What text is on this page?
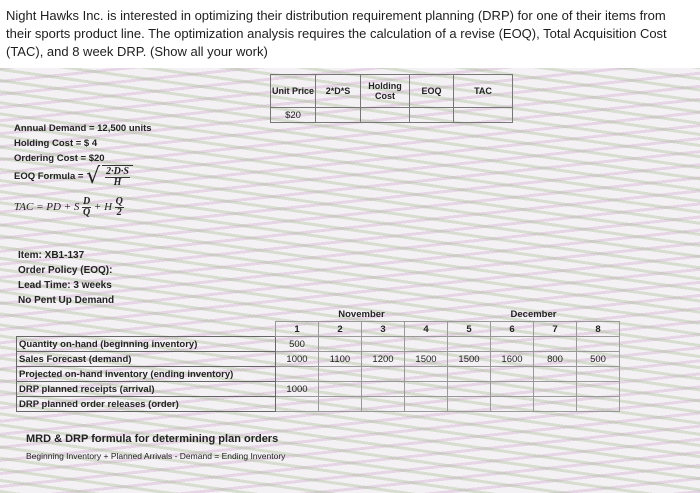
Night Hawks Inc. is interested in optimizing their distribution requirement planning (DRP) for one of their items from their sports product line. The optimization analysis requires the calculation of a revise (EOQ), Total Acquisition Cost (TAC), and 8 week DRP. (Show all your work)

Unit Price	2*D*S	Holding Cost	EOQ	TAC
$20				
Annual Demand = 12,500 units
Holding Cost = $ 4
Ordering Cost = $20
EOQ Formula = √ $\frac{2\cdot D\cdot S}{H}$
TAC = PD + S $\frac{D}{Q} + H \frac{Q}{2}$
Item: XB1-137
Order Policy (EOQ):
Lead Time: 3 weeks
No Pent Up Demand
		November				December		
	1	2	3	4	5	6	7	8
Quantity on-hand (beginning inventory)	500							
Sales Forecast (demand)	1000	1100	1200	1500	1500	1600	800	500
Projected on-hand inventory (ending inventory)								
DRP planned receipts (arrival)	1000							
DRP planned order releases (order)								
MRD & DRP formula for determining plan orders
Beginning Inventory + Planned Arrivals - Demand = Ending Inventory
